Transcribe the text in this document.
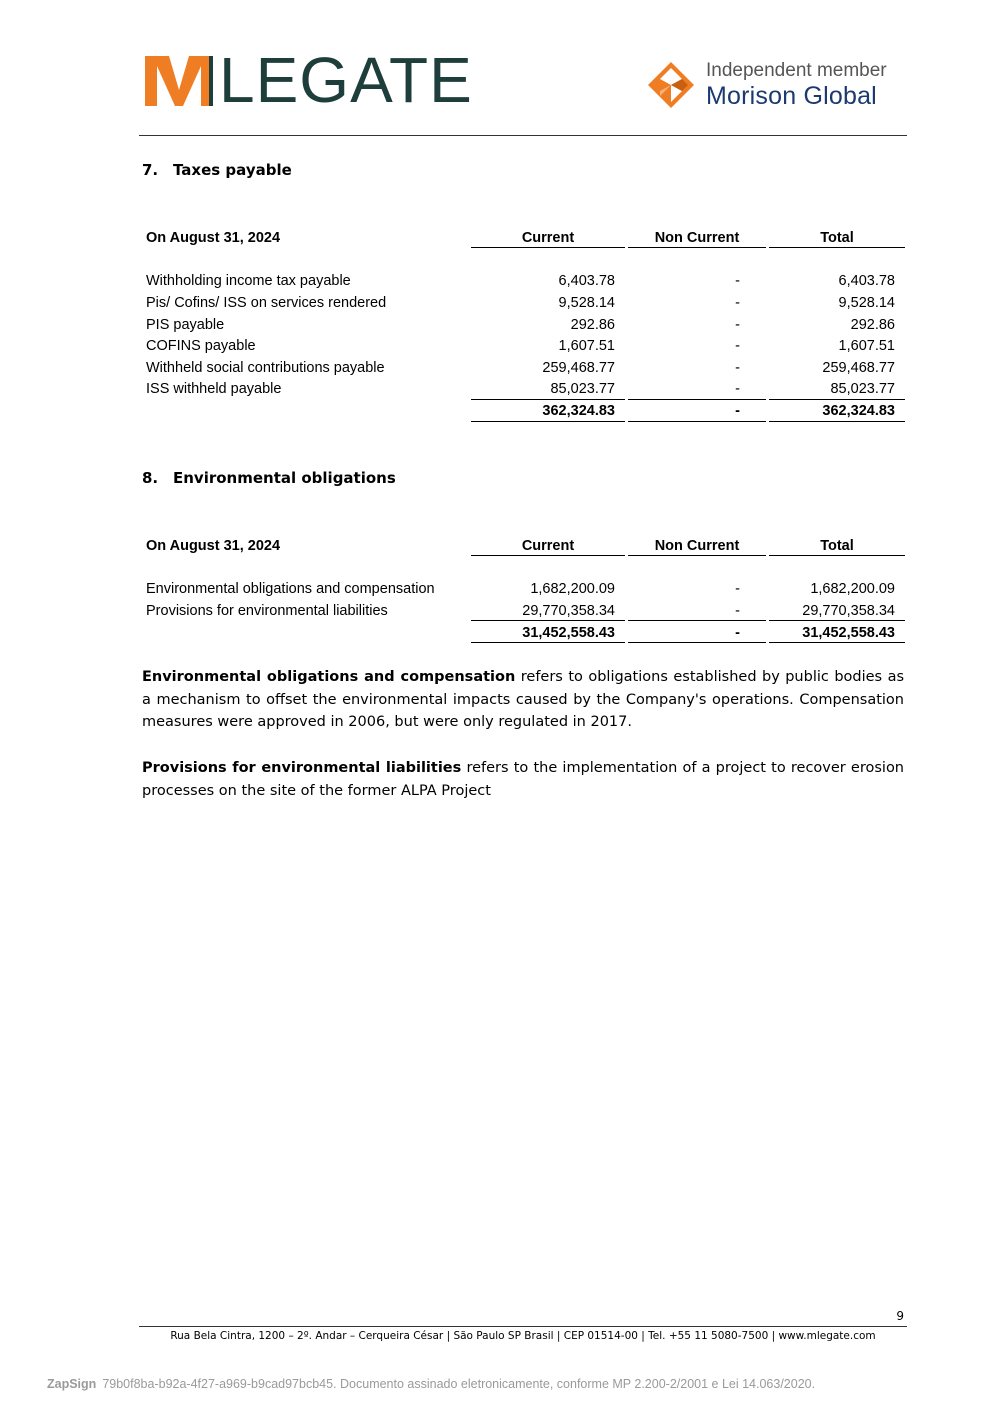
LEGATE	Independent member
Morison Global
7. Taxes payable
On August 31, 2024	Current	Non Current	Total
Withholding income tax payable	6,403.78	-	6,403.78
Pis/ Cofins/ ISS on services rendered	9,528.14	-	9,528.14
PIS payable	292.86	-	292.86
COFINS payable	1,607.51	-	1,607.51
Withheld social contributions payable	259,468.77	-	259,468.77
ISS withheld payable	85,023.77	-	85,023.77
362,324.83	-	362,324.83
8. Environmental obligations
On August 31, 2024	Current	Non Current	Total
Environmental obligations and compensation	1,682,200.09	-	1,682,200.09
Provisions for environmental liabilities	29,770,358.34	-	29,770,358.34
31,452,558.43	-	31,452,558.43
Environmental obligations and compensation refers to obligations established by public bodies as a mechanism to offset the environmental impacts caused by the Company's operations. Compensation measures were approved in 2006, but were only regulated in 2017.
Provisions for environmental liabilities refers to the implementation of a project to recover erosion processes on the site of the former ALPA Project
9
Rua Bela Cintra, 1200 – 2º. Andar – Cerqueira César | São Paulo SP Brasil | CEP 01514-00 | Tel. +55 11 5080-7500 | www.mlegate.com
ZapSign 79b0f8ba-b92a-4f27-a969-b9cad97bcb45. Documento assinado eletronicamente, conforme MP 2.200-2/2001 e Lei 14.063/2020.
